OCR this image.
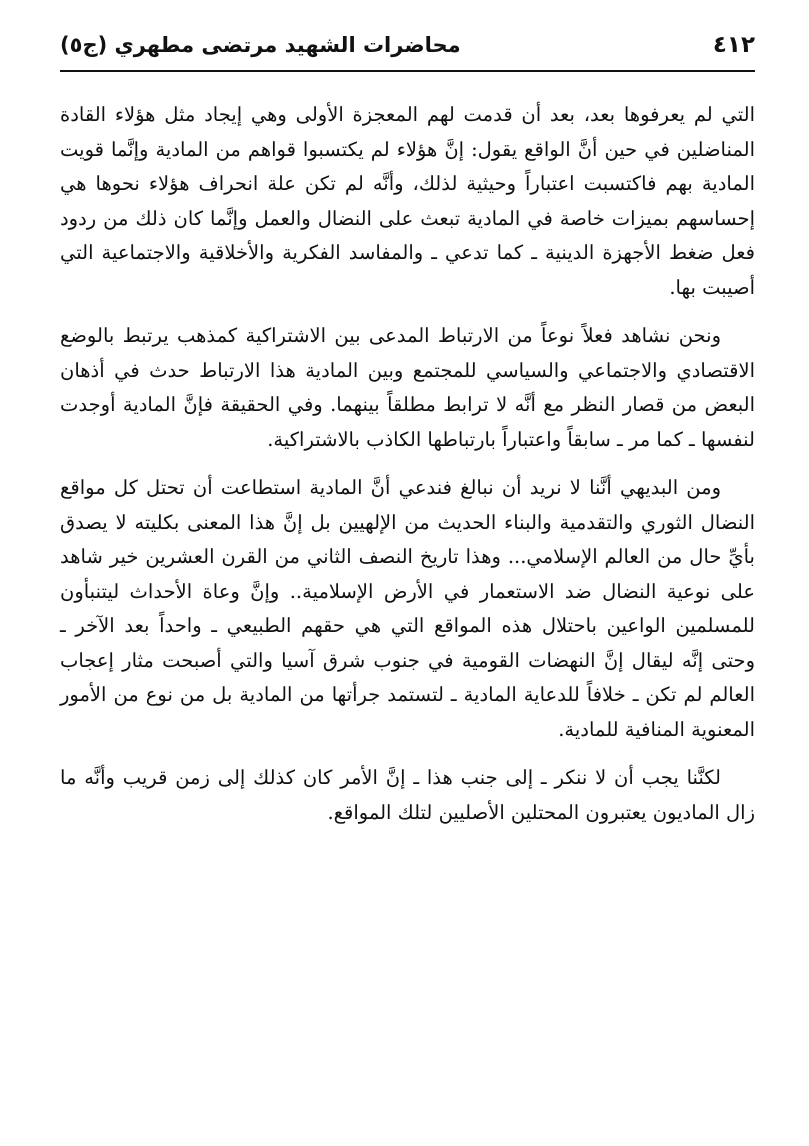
٤١٢
محاضرات الشهيد مرتضى مطهري (ج٥)

التي لم يعرفوها بعد، بعد أن قدمت لهم المعجزة الأولى وهي إيجاد مثل هؤلاء القادة المناضلين في حين أنَّ الواقع يقول: إنَّ هؤلاء لم يكتسبوا قواهم من المادية وإنَّما قويت المادية بهم فاكتسبت اعتباراً وحيثية لذلك، وأنَّه لم تكن علة انحراف هؤلاء نحوها هي إحساسهم بميزات خاصة في المادية تبعث على النضال والعمل وإنَّما كان ذلك من ردود فعل ضغط الأجهزة الدينية ـ كما تدعي ـ والمفاسد الفكرية والأخلاقية والاجتماعية التي أصيبت بها.

ونحن نشاهد فعلاً نوعاً من الارتباط المدعى بين الاشتراكية كمذهب يرتبط بالوضع الاقتصادي والاجتماعي والسياسي للمجتمع وبين المادية هذا الارتباط حدث في أذهان البعض من قصار النظر مع أنَّه لا ترابط مطلقاً بينهما. وفي الحقيقة فإنَّ المادية أوجدت لنفسها ـ كما مر ـ سابقاً واعتباراً بارتباطها الكاذب بالاشتراكية.

ومن البديهي أنَّنا لا نريد أن نبالغ فندعي أنَّ المادية استطاعت أن تحتل كل مواقع النضال الثوري والتقدمية والبناء الحديث من الإلهيين بل إنَّ هذا المعنى بكليته لا يصدق بأيِّ حال من العالم الإسلامي... وهذا تاريخ النصف الثاني من القرن العشرين خير شاهد على نوعية النضال ضد الاستعمار في الأرض الإسلامية.. وإنَّ وعاة الأحداث ليتنبأون للمسلمين الواعين باحتلال هذه المواقع التي هي حقهم الطبيعي ـ واحداً بعد الآخر ـ وحتى إنَّه ليقال إنَّ النهضات القومية في جنوب شرق آسيا والتي أصبحت مثار إعجاب العالم لم تكن ـ خلافاً للدعاية المادية ـ لتستمد جرأتها من المادية بل من نوع من الأمور المعنوية المنافية للمادية.

لكنَّنا يجب أن لا ننكر ـ إلى جنب هذا ـ إنَّ الأمر كان كذلك إلى زمن قريب وأنَّه ما زال الماديون يعتبرون المحتلين الأصليين لتلك المواقع.
